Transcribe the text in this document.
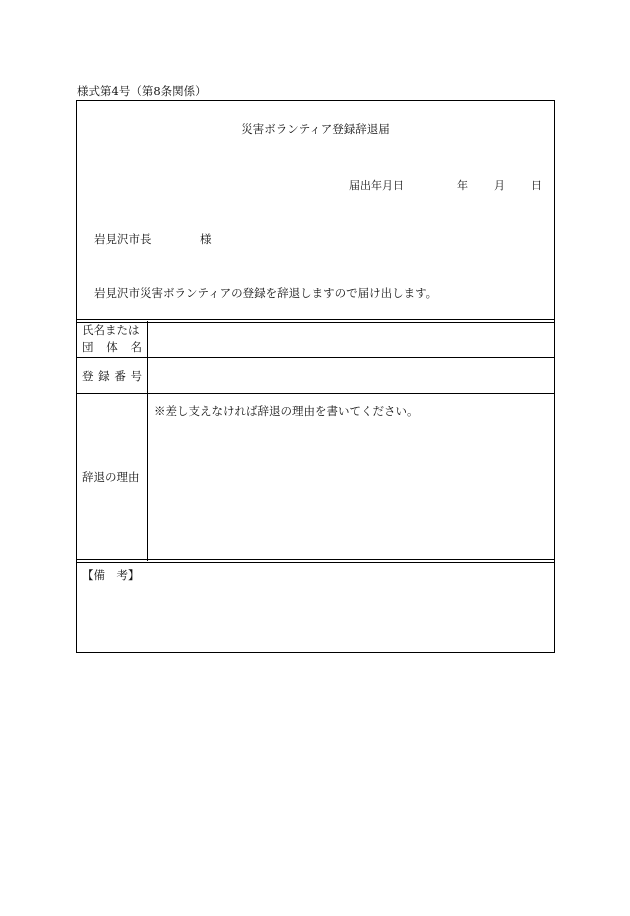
様式第4号（第8条関係）
災害ボランティア登録辞退届
届出年月日	年 月 日
岩見沢市長	様
岩見沢市災害ボランティアの登録を辞退しますので届け出します。
氏名または
団 体 名
登 録 番 号
辞退の理由
※差し支えなければ辞退の理由を書いてください。
【備　考】
